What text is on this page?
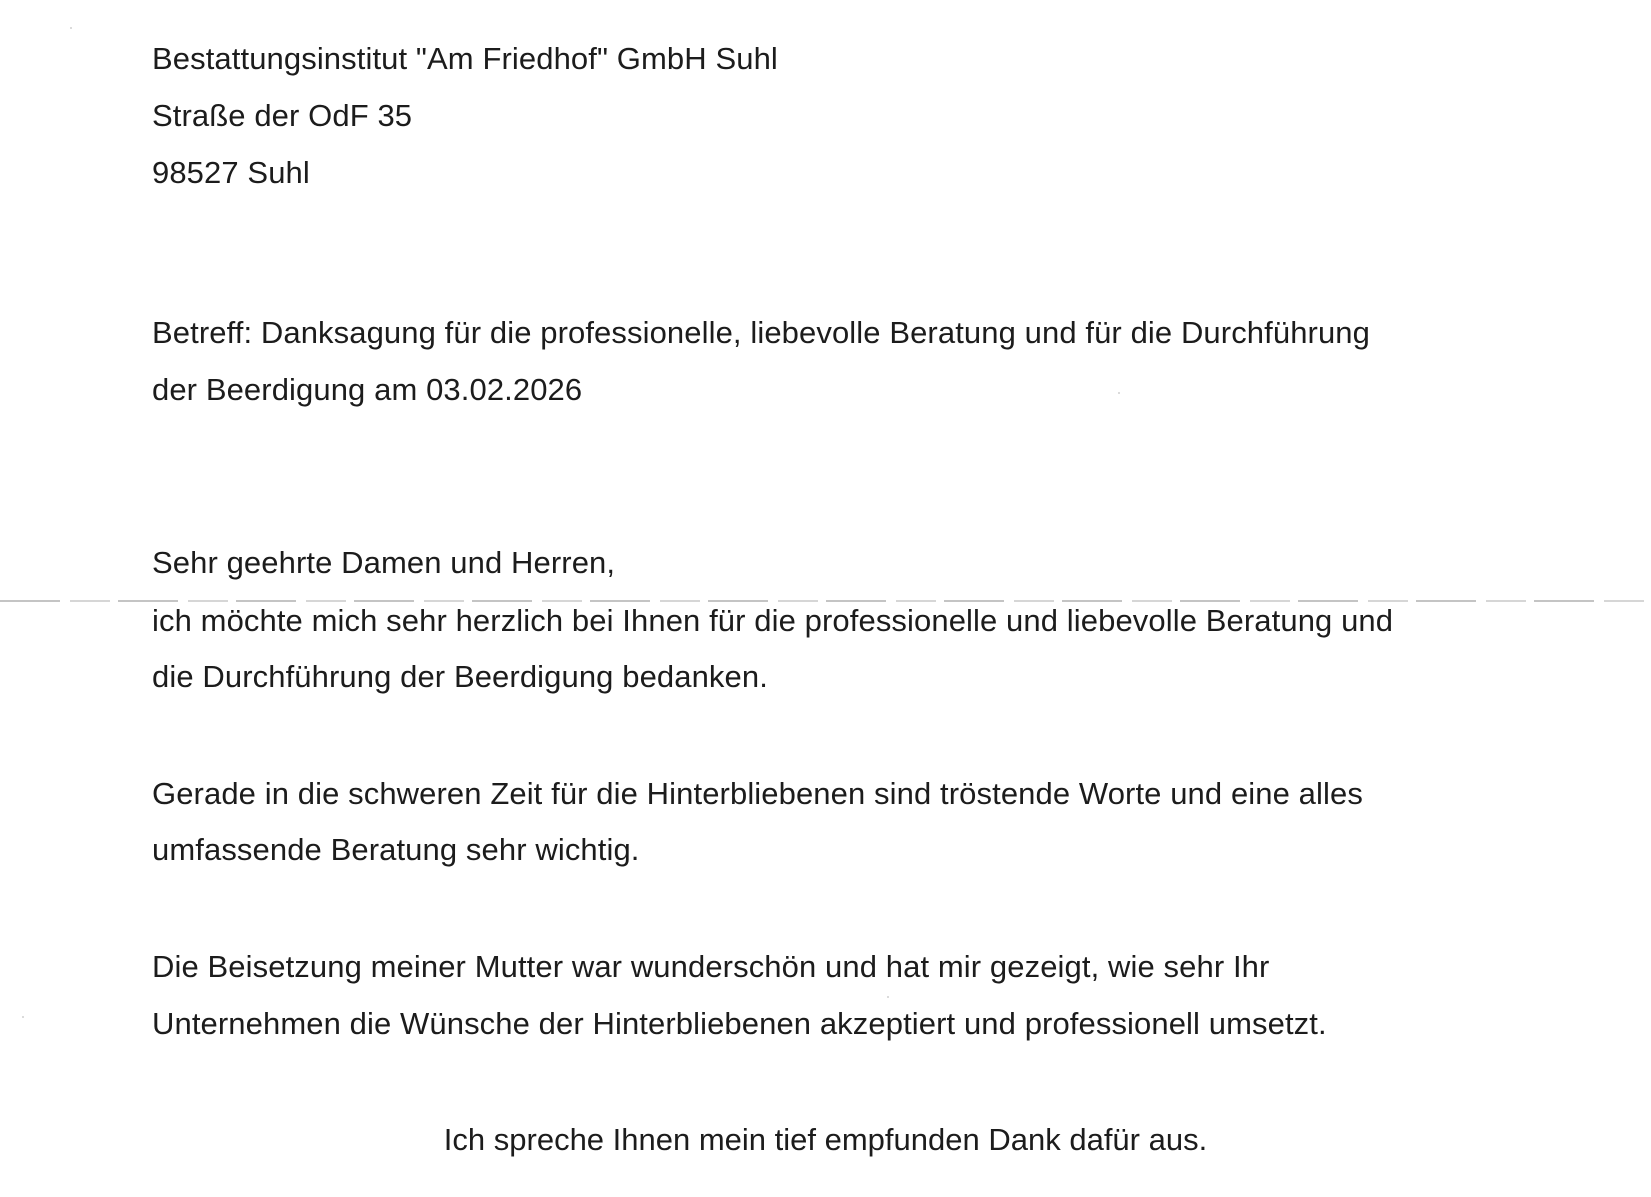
Bestattungsinstitut "Am Friedhof" GmbH Suhl
Straße der OdF 35
98527 Suhl
Betreff: Danksagung für die professionelle, liebevolle Beratung und für die Durchführung
der Beerdigung am 03.02.2026
Sehr geehrte Damen und Herren,
ich möchte mich sehr herzlich bei Ihnen für die professionelle und liebevolle Beratung und
die Durchführung der Beerdigung bedanken.
Gerade in die schweren Zeit für die Hinterbliebenen sind tröstende Worte und eine alles
umfassende Beratung sehr wichtig.
Die Beisetzung meiner Mutter war wunderschön und hat mir gezeigt, wie sehr Ihr
Unternehmen die Wünsche der Hinterbliebenen akzeptiert und professionell umsetzt.
Ich spreche Ihnen mein tief empfunden Dank dafür aus.
